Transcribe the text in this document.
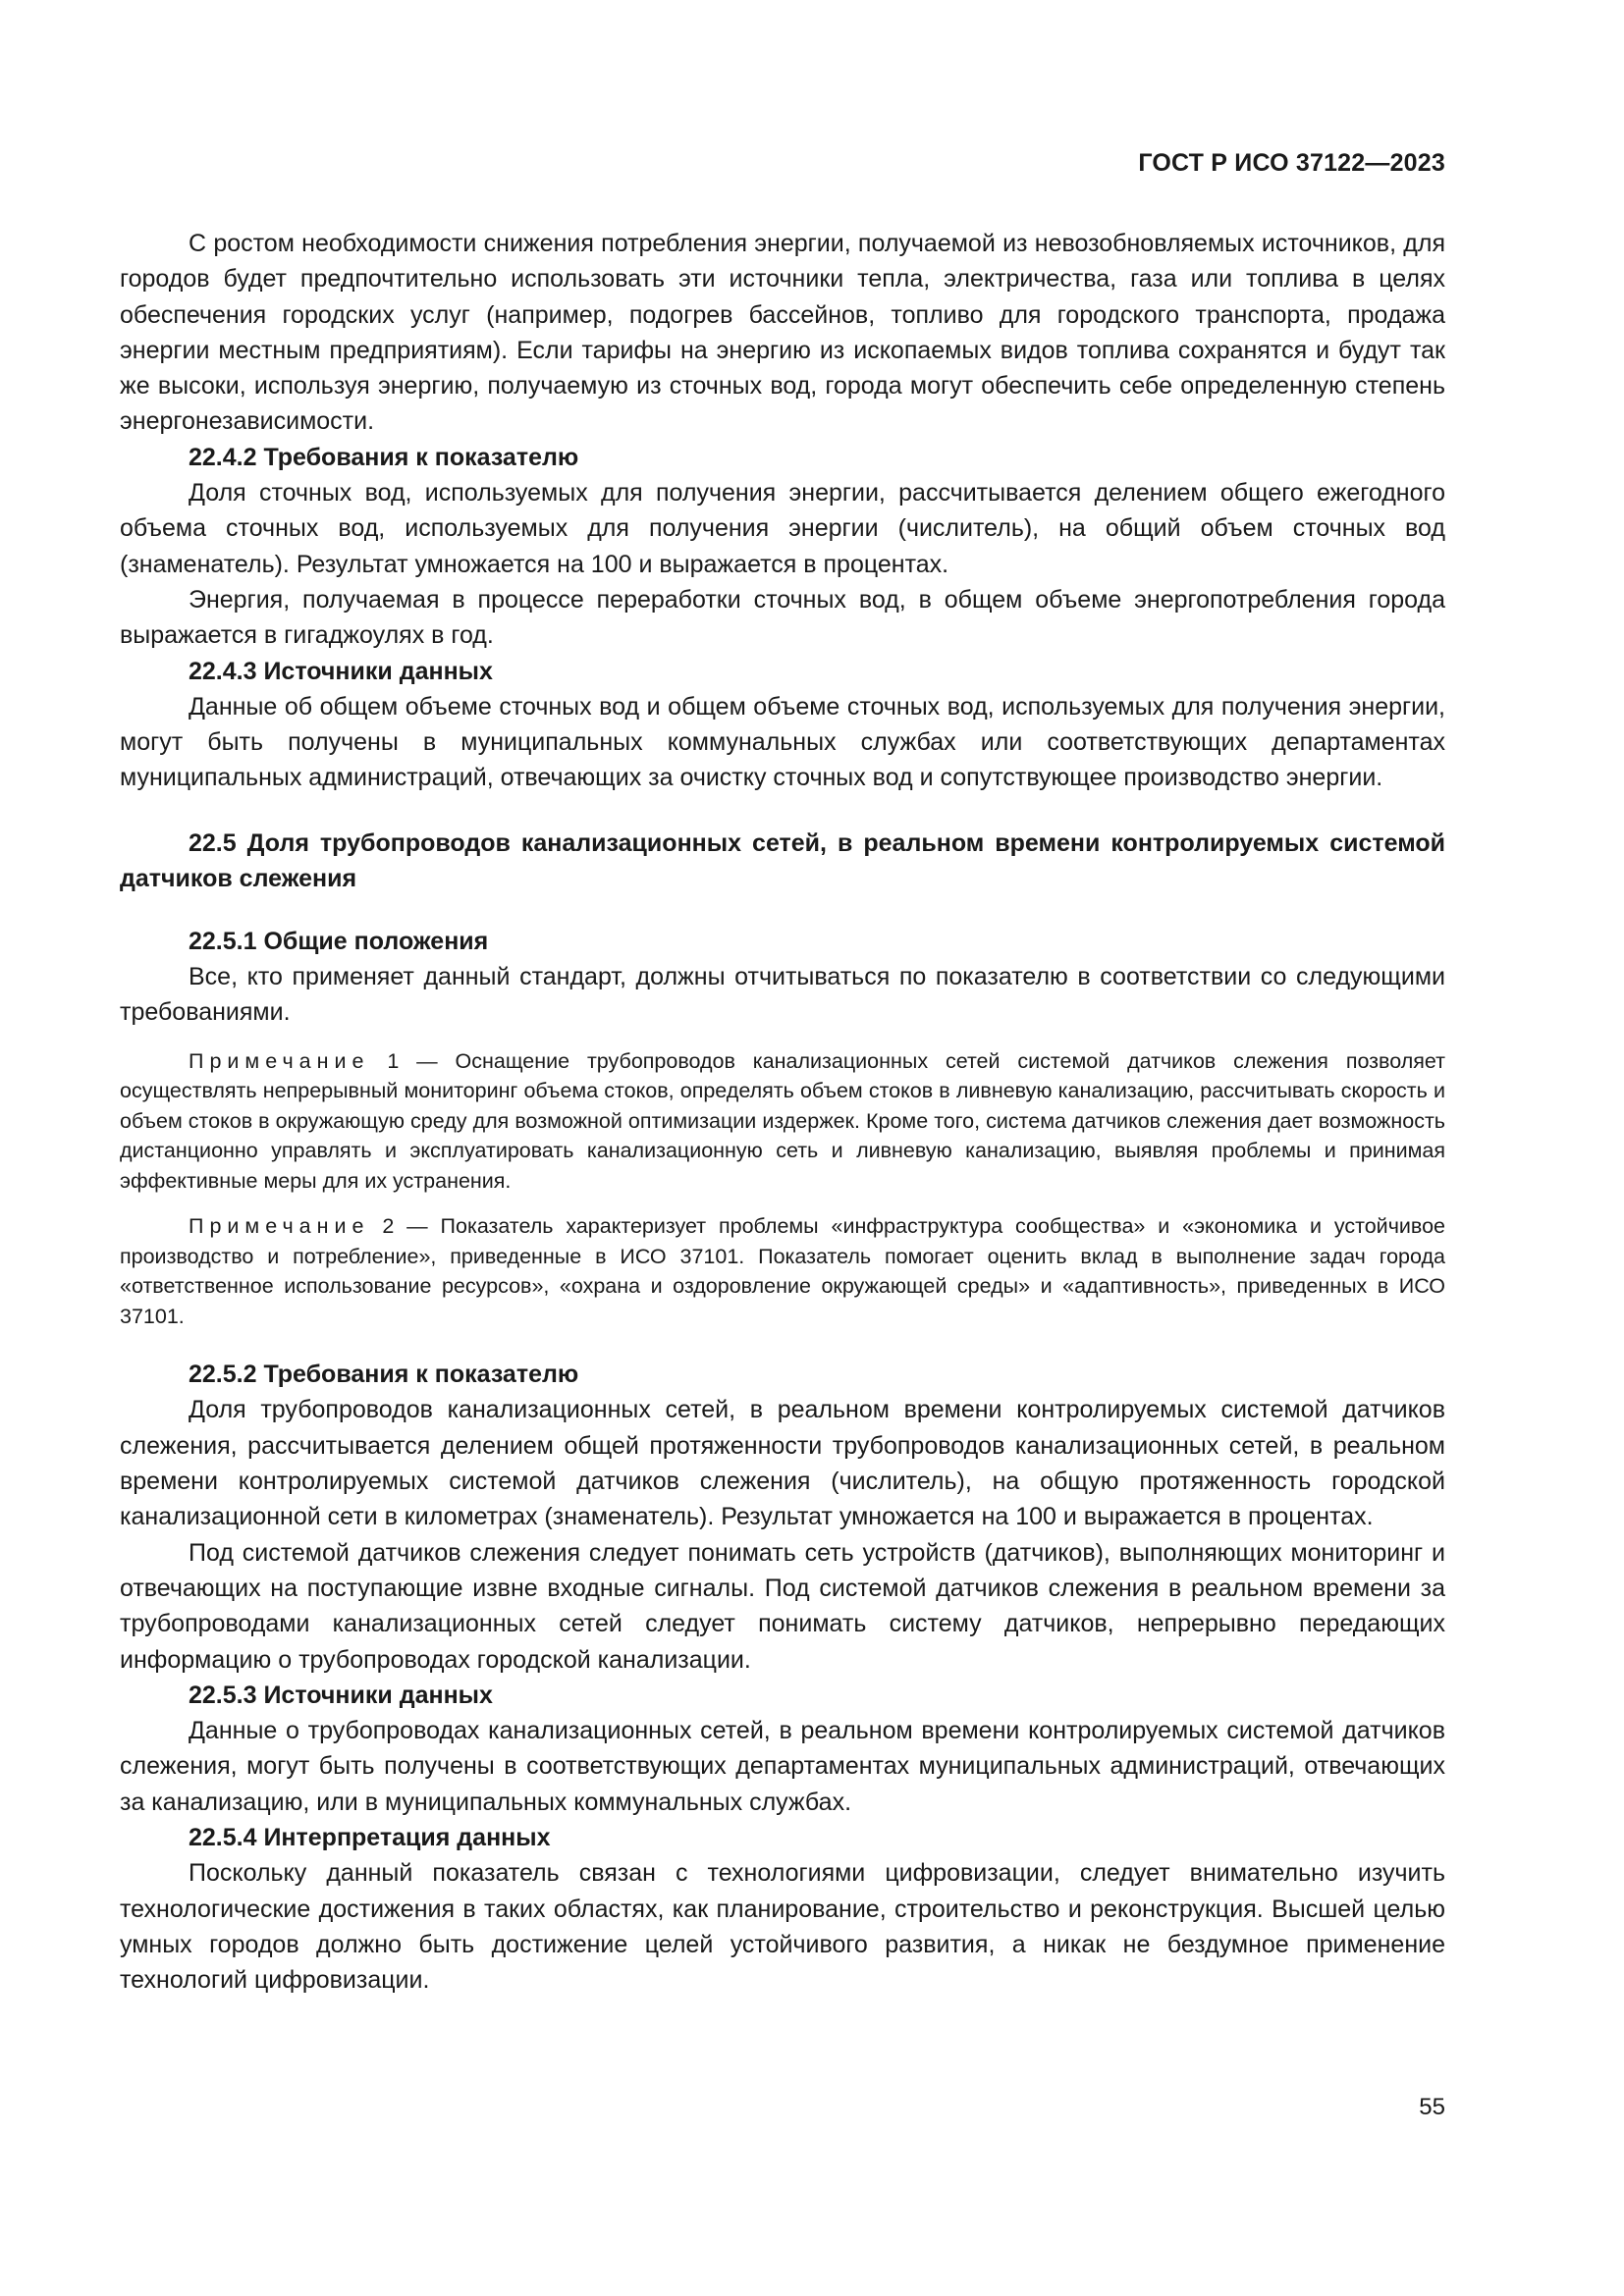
ГОСТ Р ИСО 37122—2023

С ростом необходимости снижения потребления энергии, получаемой из невозобновляемых источников, для городов будет предпочтительно использовать эти источники тепла, электричества, газа или топлива в целях обеспечения городских услуг (например, подогрев бассейнов, топливо для городского транспорта, продажа энергии местным предприятиям). Если тарифы на энергию из ископаемых видов топлива сохранятся и будут так же высоки, используя энергию, получаемую из сточных вод, города могут обеспечить себе определенную степень энергонезависимости.

22.4.2 Требования к показателю

Доля сточных вод, используемых для получения энергии, рассчитывается делением общего ежегодного объема сточных вод, используемых для получения энергии (числитель), на общий объем сточных вод (знаменатель). Результат умножается на 100 и выражается в процентах.

Энергия, получаемая в процессе переработки сточных вод, в общем объеме энергопотребления города выражается в гигаджоулях в год.

22.4.3 Источники данных

Данные об общем объеме сточных вод и общем объеме сточных вод, используемых для получения энергии, могут быть получены в муниципальных коммунальных службах или соответствующих департаментах муниципальных администраций, отвечающих за очистку сточных вод и сопутствующее производство энергии.

22.5 Доля трубопроводов канализационных сетей, в реальном времени контролируемых системой датчиков слежения
22.5.1 Общие положения

Все, кто применяет данный стандарт, должны отчитываться по показателю в соответствии со следующими требованиями.

Примечание 1 — Оснащение трубопроводов канализационных сетей системой датчиков слежения позволяет осуществлять непрерывный мониторинг объема стоков, определять объем стоков в ливневую канализацию, рассчитывать скорость и объем стоков в окружающую среду для возможной оптимизации издержек. Кроме того, система датчиков слежения дает возможность дистанционно управлять и эксплуатировать канализационную сеть и ливневую канализацию, выявляя проблемы и принимая эффективные меры для их устранения.
Примечание 2 — Показатель характеризует проблемы «инфраструктура сообщества» и «экономика и устойчивое производство и потребление», приведенные в ИСО 37101. Показатель помогает оценить вклад в выполнение задач города «ответственное использование ресурсов», «охрана и оздоровление окружающей среды» и «адаптивность», приведенных в ИСО 37101.
22.5.2 Требования к показателю

Доля трубопроводов канализационных сетей, в реальном времени контролируемых системой датчиков слежения, рассчитывается делением общей протяженности трубопроводов канализационных сетей, в реальном времени контролируемых системой датчиков слежения (числитель), на общую протяженность городской канализационной сети в километрах (знаменатель). Результат умножается на 100 и выражается в процентах.

Под системой датчиков слежения следует понимать сеть устройств (датчиков), выполняющих мониторинг и отвечающих на поступающие извне входные сигналы. Под системой датчиков слежения в реальном времени за трубопроводами канализационных сетей следует понимать систему датчиков, непрерывно передающих информацию о трубопроводах городской канализации.

22.5.3 Источники данных

Данные о трубопроводах канализационных сетей, в реальном времени контролируемых системой датчиков слежения, могут быть получены в соответствующих департаментах муниципальных администраций, отвечающих за канализацию, или в муниципальных коммунальных службах.

22.5.4 Интерпретация данных

Поскольку данный показатель связан с технологиями цифровизации, следует внимательно изучить технологические достижения в таких областях, как планирование, строительство и реконструкция. Высшей целью умных городов должно быть достижение целей устойчивого развития, а никак не бездумное применение технологий цифровизации.

55
